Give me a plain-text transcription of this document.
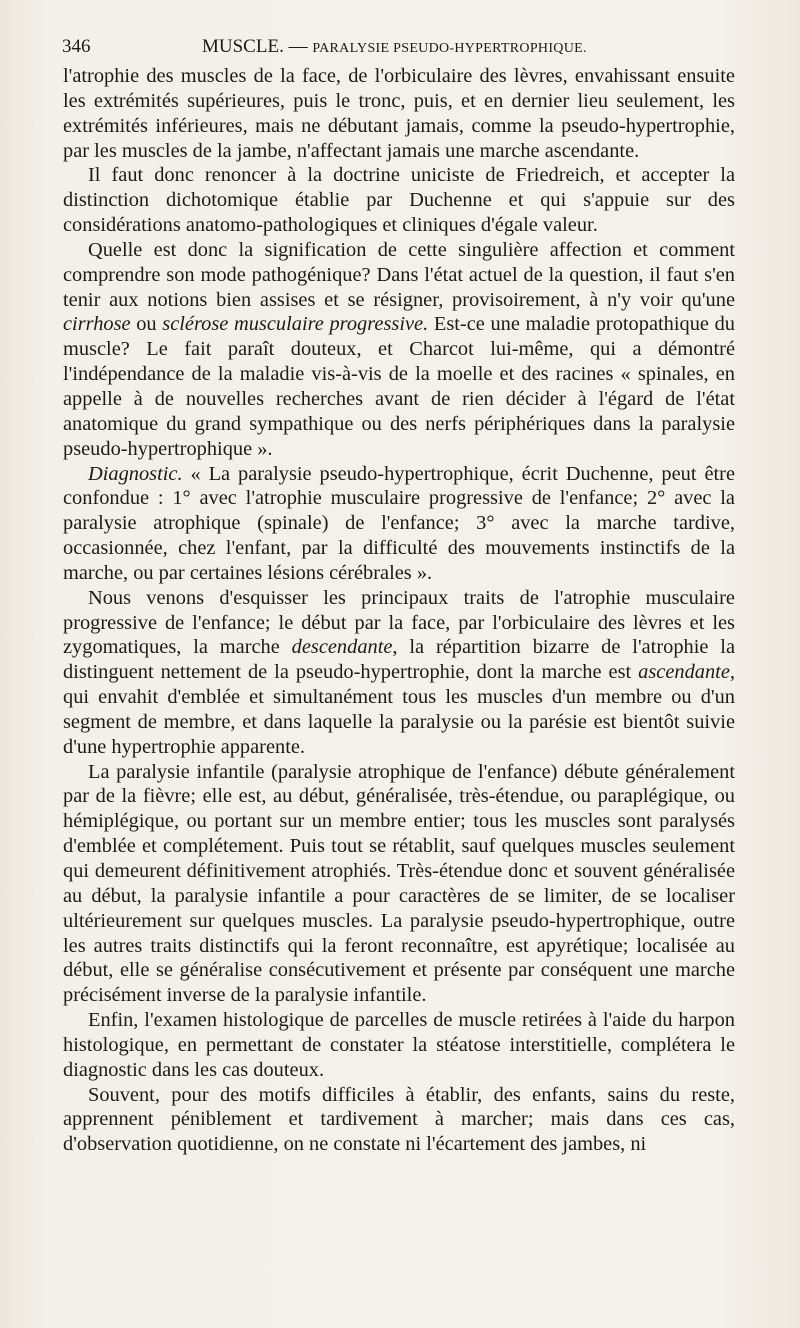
346	MUSCLE. — PARALYSIE PSEUDO-HYPERTROPHIQUE.

l'atrophie des muscles de la face, de l'orbiculaire des lèvres, envahissant ensuite les extrémités supérieures, puis le tronc, puis, et en dernier lieu seulement, les extrémités inférieures, mais ne débutant jamais, comme la pseudo-hypertrophie, par les muscles de la jambe, n'affectant jamais une marche ascendante.

Il faut donc renoncer à la doctrine uniciste de Friedreich, et accepter la distinction dichotomique établie par Duchenne et qui s'appuie sur des considérations anatomo-pathologiques et cliniques d'égale valeur.

Quelle est donc la signification de cette singulière affection et comment comprendre son mode pathogénique? Dans l'état actuel de la question, il faut s'en tenir aux notions bien assises et se résigner, provisoirement, à n'y voir qu'une cirrhose ou sclérose musculaire progressive. Est-ce une maladie protopathique du muscle? Le fait paraît douteux, et Charcot lui-même, qui a démontré l'indépendance de la maladie vis-à-vis de la moelle et des racines « spinales, en appelle à de nouvelles recherches avant de rien décider à l'égard de l'état anatomique du grand sympathique ou des nerfs périphériques dans la paralysie pseudo-hypertrophique ».

Diagnostic. « La paralysie pseudo-hypertrophique, écrit Duchenne, peut être confondue : 1° avec l'atrophie musculaire progressive de l'enfance; 2° avec la paralysie atrophique (spinale) de l'enfance; 3° avec la marche tardive, occasionnée, chez l'enfant, par la difficulté des mouvements instinctifs de la marche, ou par certaines lésions cérébrales ».

Nous venons d'esquisser les principaux traits de l'atrophie musculaire progressive de l'enfance; le début par la face, par l'orbiculaire des lèvres et les zygomatiques, la marche descendante, la répartition bizarre de l'atrophie la distinguent nettement de la pseudo-hypertrophie, dont la marche est ascendante, qui envahit d'emblée et simultanément tous les muscles d'un membre ou d'un segment de membre, et dans laquelle la paralysie ou la parésie est bientôt suivie d'une hypertrophie apparente.

La paralysie infantile (paralysie atrophique de l'enfance) débute généralement par de la fièvre; elle est, au début, généralisée, très-étendue, ou paraplégique, ou hémiplégique, ou portant sur un membre entier; tous les muscles sont paralysés d'emblée et complétement. Puis tout se rétablit, sauf quelques muscles seulement qui demeurent définitivement atrophiés. Très-étendue donc et souvent généralisée au début, la paralysie infantile a pour caractères de se limiter, de se localiser ultérieurement sur quelques muscles. La paralysie pseudo-hypertrophique, outre les autres traits distinctifs qui la feront reconnaître, est apyrétique; localisée au début, elle se généralise consécutivement et présente par conséquent une marche précisément inverse de la paralysie infantile.

Enfin, l'examen histologique de parcelles de muscle retirées à l'aide du harpon histologique, en permettant de constater la stéatose interstitielle, complétera le diagnostic dans les cas douteux.

Souvent, pour des motifs difficiles à établir, des enfants, sains du reste, apprennent péniblement et tardivement à marcher; mais dans ces cas, d'observation quotidienne, on ne constate ni l'écartement des jambes, ni
